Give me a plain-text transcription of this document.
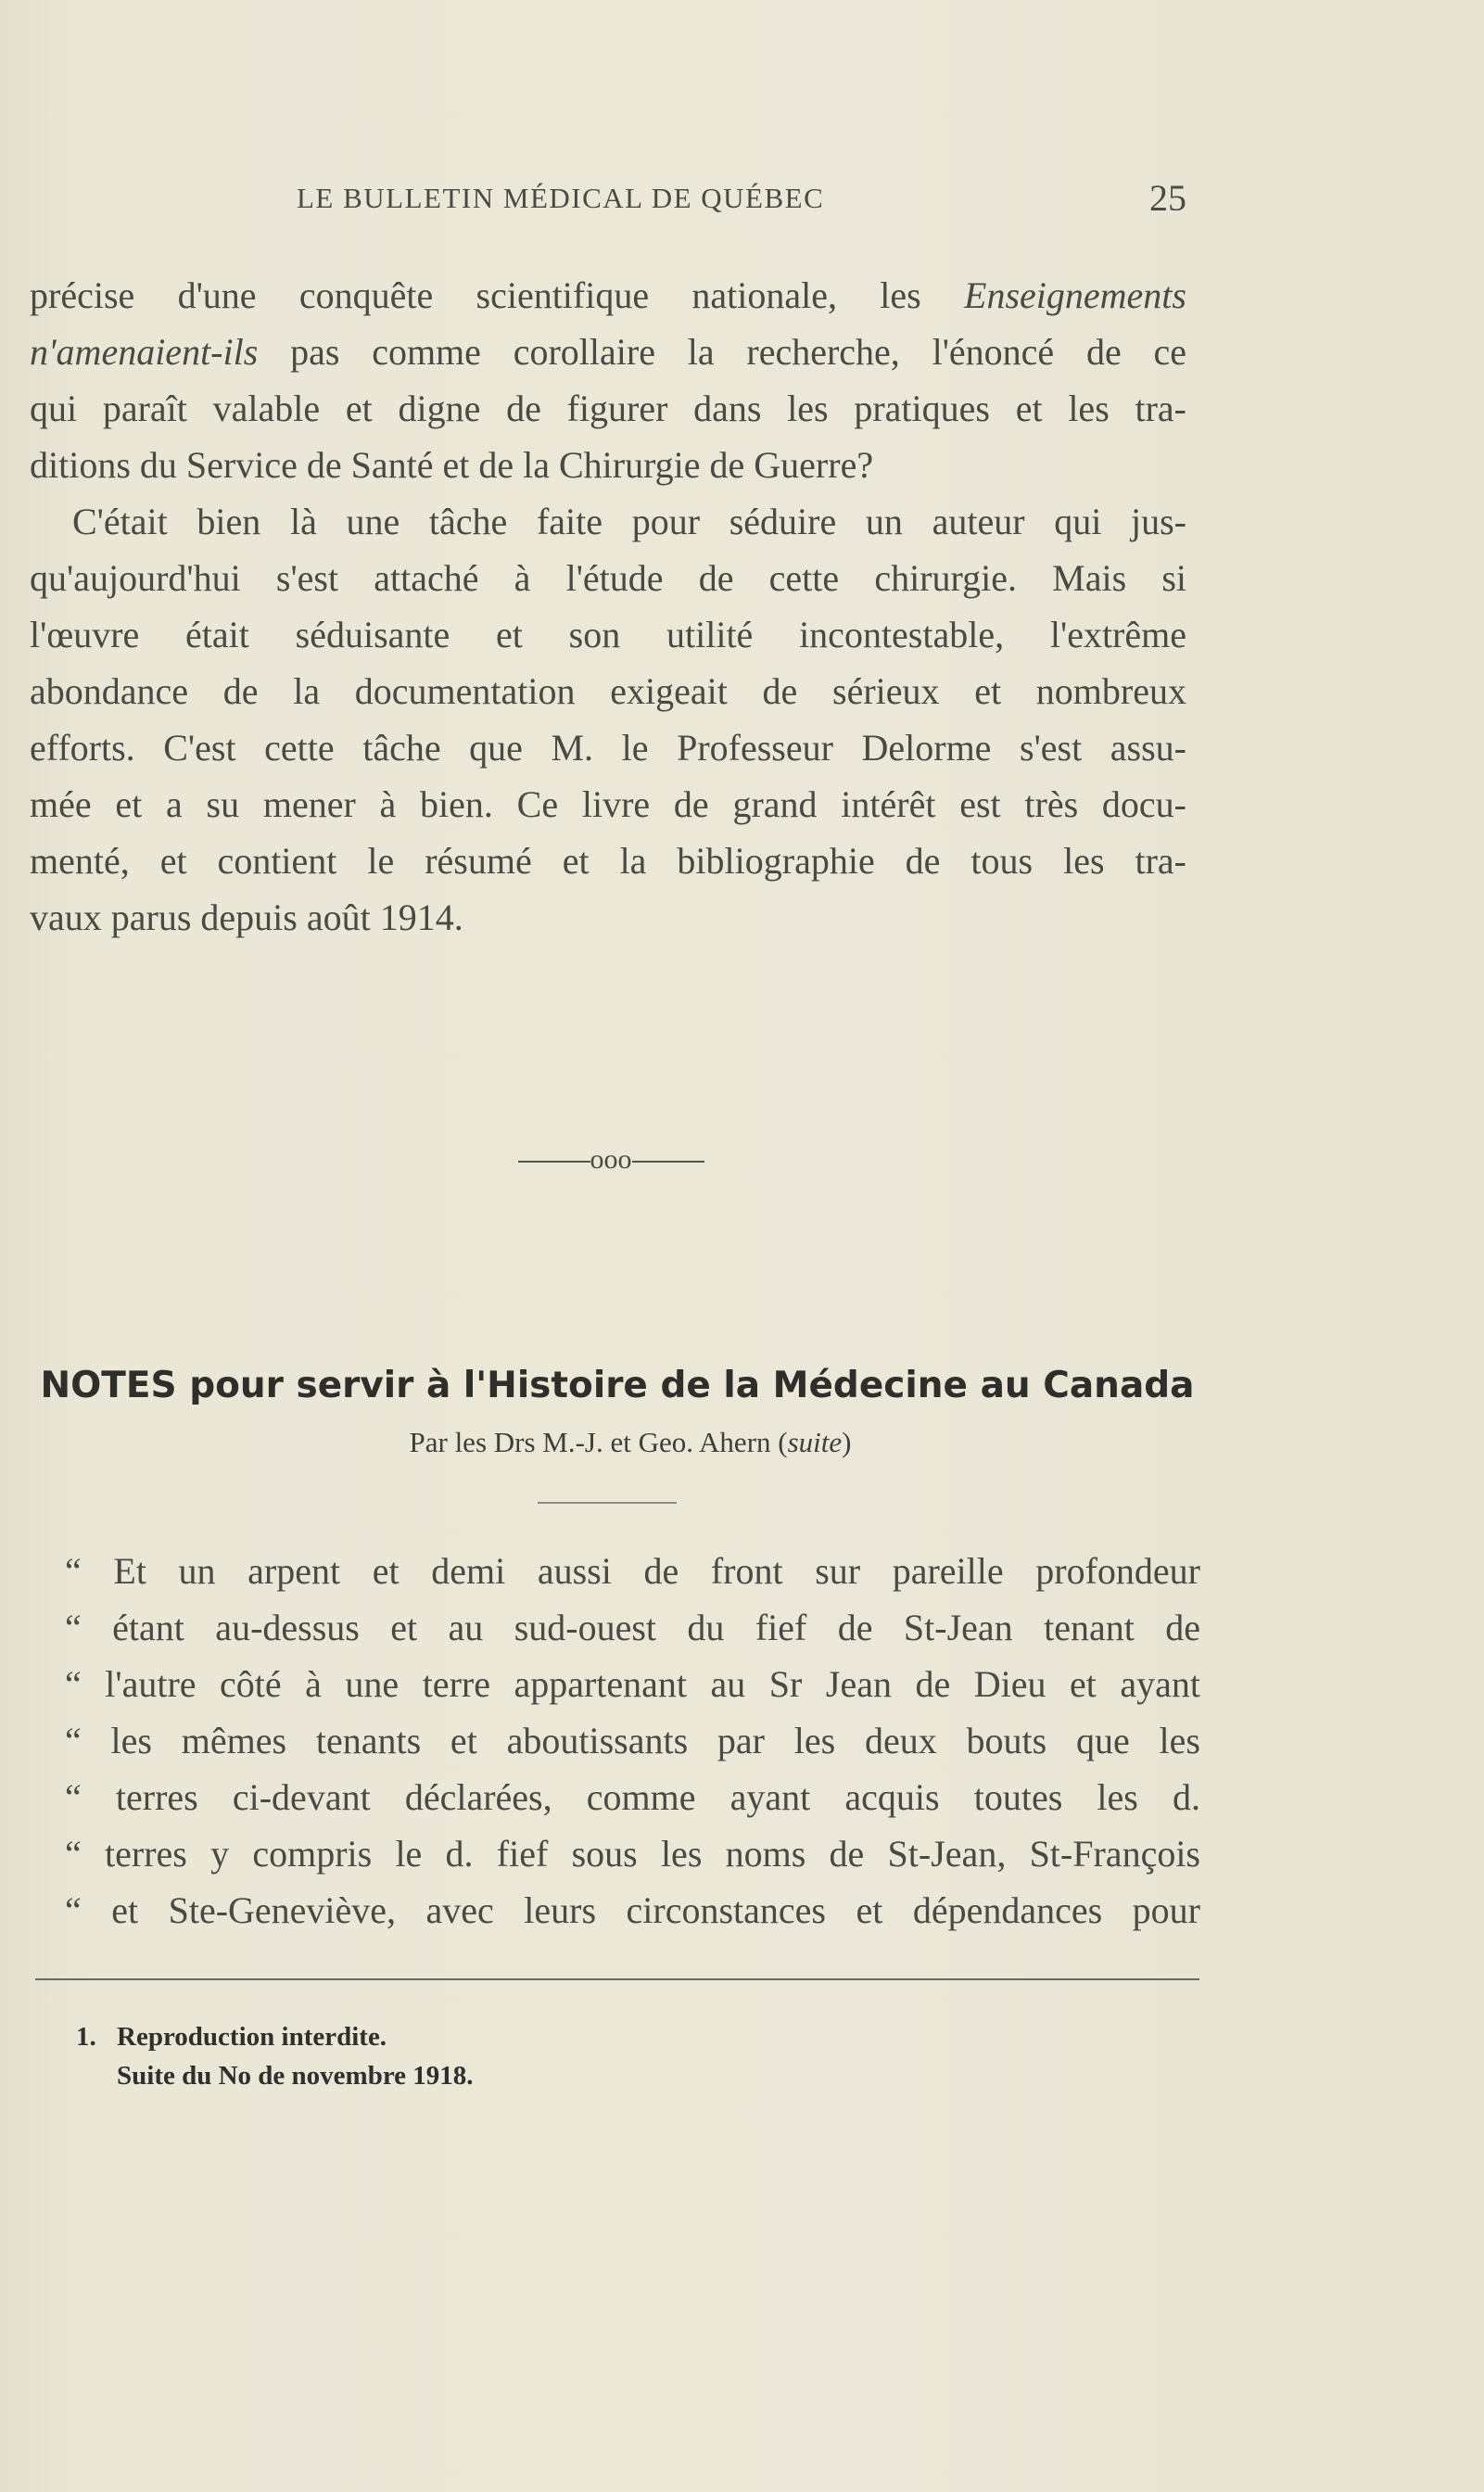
LE BULLETIN MÉDICAL DE QUÉBEC	25
précise d'une conquête scientifique nationale, les Enseignements
n'amenaient-ils pas comme corollaire la recherche, l'énoncé de ce
qui paraît valable et digne de figurer dans les pratiques et les tra-
ditions du Service de Santé et de la Chirurgie de Guerre?
C'était bien là une tâche faite pour séduire un auteur qui jus-
qu'aujourd'hui s'est attaché à l'étude de cette chirurgie. Mais si
l'œuvre était séduisante et son utilité incontestable, l'extrême
abondance de la documentation exigeait de sérieux et nombreux
efforts. C'est cette tâche que M. le Professeur Delorme s'est assu-
mée et a su mener à bien. Ce livre de grand intérêt est très docu-
menté, et contient le résumé et la bibliographie de tous les tra-
vaux parus depuis août 1914.
ooo
NOTES pour servir à l'Histoire de la Médecine au Canada
Par les Drs M.-J. et Geo. Ahern (suite)
“ Et un arpent et demi aussi de front sur pareille profondeur
“ étant au-dessus et au sud-ouest du fief de St-Jean tenant de
“ l'autre côté à une terre appartenant au Sr Jean de Dieu et ayant
“ les mêmes tenants et aboutissants par les deux bouts que les
“ terres ci-devant déclarées, comme ayant acquis toutes les d.
“ terres y compris le d. fief sous les noms de St-Jean, St-François
“ et Ste-Geneviève, avec leurs circonstances et dépendances pour
1. Reproduction interdite.
Suite du No de novembre 1918.
